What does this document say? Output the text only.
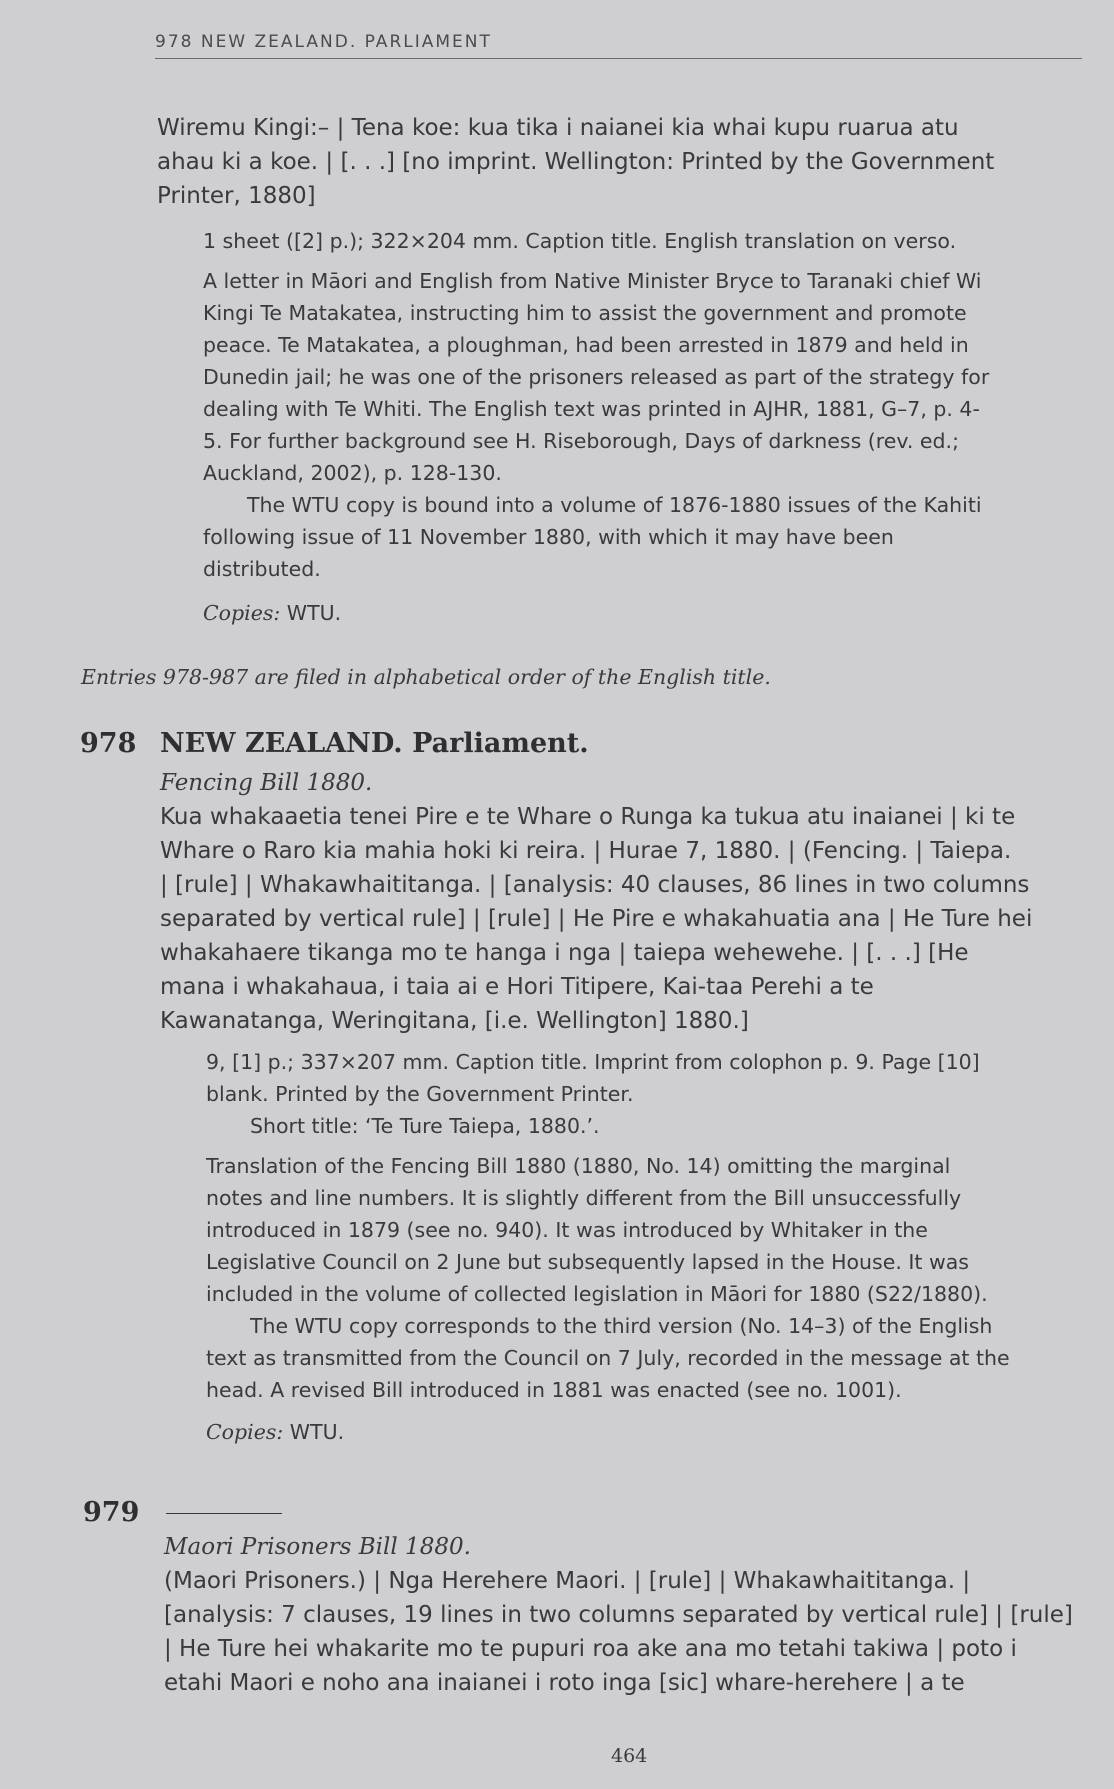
978 NEW ZEALAND. PARLIAMENT
Wiremu Kingi:– | Tena koe: kua tika i naianei kia whai kupu ruarua atu
ahau ki a koe. | [. . .] [no imprint. Wellington: Printed by the Government
Printer, 1880]
1 sheet ([2] p.); 322×204 mm. Caption title. English translation on verso.
A letter in Māori and English from Native Minister Bryce to Taranaki chief Wi
Kingi Te Matakatea, instructing him to assist the government and promote
peace. Te Matakatea, a ploughman, had been arrested in 1879 and held in
Dunedin jail; he was one of the prisoners released as part of the strategy for
dealing with Te Whiti. The English text was printed in AJHR, 1881, G–7, p. 4-
5. For further background see H. Riseborough, Days of darkness (rev. ed.;
Auckland, 2002), p. 128-130.
The WTU copy is bound into a volume of 1876-1880 issues of the Kahiti
following issue of 11 November 1880, with which it may have been
distributed.
Copies: WTU.
Entries 978-987 are filed in alphabetical order of the English title.
978 NEW ZEALAND. Parliament.
Fencing Bill 1880.
Kua whakaaetia tenei Pire e te Whare o Runga ka tukua atu inaianei | ki te
Whare o Raro kia mahia hoki ki reira. | Hurae 7, 1880. | (Fencing. | Taiepa.
| [rule] | Whakawhaititanga. | [analysis: 40 clauses, 86 lines in two columns
separated by vertical rule] | [rule] | He Pire e whakahuatia ana | He Ture hei
whakahaere tikanga mo te hanga i nga | taiepa wehewehe. | [. . .] [He
mana i whakahaua, i taia ai e Hori Titipere, Kai-taa Perehi a te
Kawanatanga, Weringitana, [i.e. Wellington] 1880.]
9, [1] p.; 337×207 mm. Caption title. Imprint from colophon p. 9. Page [10]
blank. Printed by the Government Printer.
Short title: ‘Te Ture Taiepa, 1880.’.
Translation of the Fencing Bill 1880 (1880, No. 14) omitting the marginal
notes and line numbers. It is slightly different from the Bill unsuccessfully
introduced in 1879 (see no. 940). It was introduced by Whitaker in the
Legislative Council on 2 June but subsequently lapsed in the House. It was
included in the volume of collected legislation in Māori for 1880 (S22/1880).
The WTU copy corresponds to the third version (No. 14–3) of the English
text as transmitted from the Council on 7 July, recorded in the message at the
head. A revised Bill introduced in 1881 was enacted (see no. 1001).
Copies: WTU.
979
Maori Prisoners Bill 1880.
(Maori Prisoners.) | Nga Herehere Maori. | [rule] | Whakawhaititanga. |
[analysis: 7 clauses, 19 lines in two columns separated by vertical rule] | [rule]
| He Ture hei whakarite mo te pupuri roa ake ana mo tetahi takiwa | poto i
etahi Maori e noho ana inaianei i roto inga [sic] whare-herehere | a te
464
